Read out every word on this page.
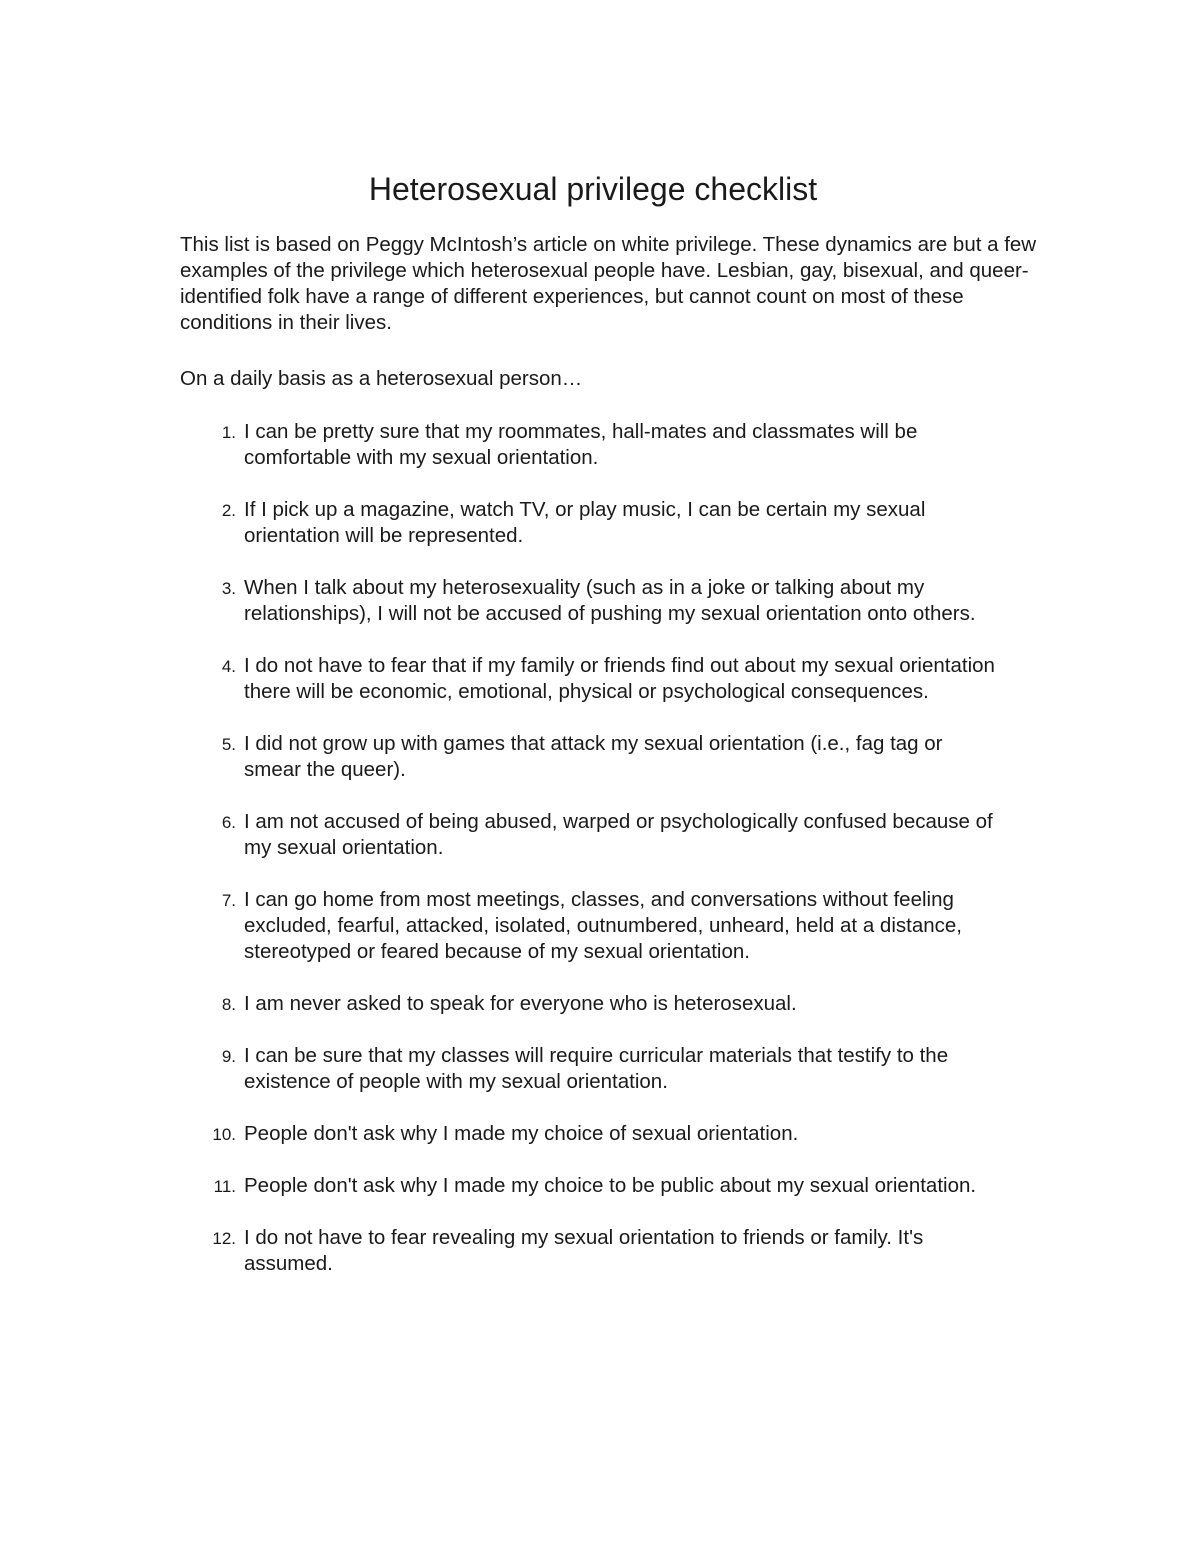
Heterosexual privilege checklist

This list is based on Peggy McIntosh’s article on white privilege. These dynamics are but a few examples of the privilege which heterosexual people have. Lesbian, gay, bisexual, and queer-identified folk have a range of different experiences, but cannot count on most of these conditions in their lives.

On a daily basis as a heterosexual person…

1. I can be pretty sure that my roommates, hall-mates and classmates will be comfortable with my sexual orientation.
2. If I pick up a magazine, watch TV, or play music, I can be certain my sexual orientation will be represented.
3. When I talk about my heterosexuality (such as in a joke or talking about my relationships), I will not be accused of pushing my sexual orientation onto others.
4. I do not have to fear that if my family or friends find out about my sexual orientation there will be economic, emotional, physical or psychological consequences.
5. I did not grow up with games that attack my sexual orientation (i.e., fag tag or smear the queer).
6. I am not accused of being abused, warped or psychologically confused because of my sexual orientation.
7. I can go home from most meetings, classes, and conversations without feeling excluded, fearful, attacked, isolated, outnumbered, unheard, held at a distance, stereotyped or feared because of my sexual orientation.
8. I am never asked to speak for everyone who is heterosexual.
9. I can be sure that my classes will require curricular materials that testify to the existence of people with my sexual orientation.
10. People don't ask why I made my choice of sexual orientation.
11. People don't ask why I made my choice to be public about my sexual orientation.
12. I do not have to fear revealing my sexual orientation to friends or family. It's assumed.
